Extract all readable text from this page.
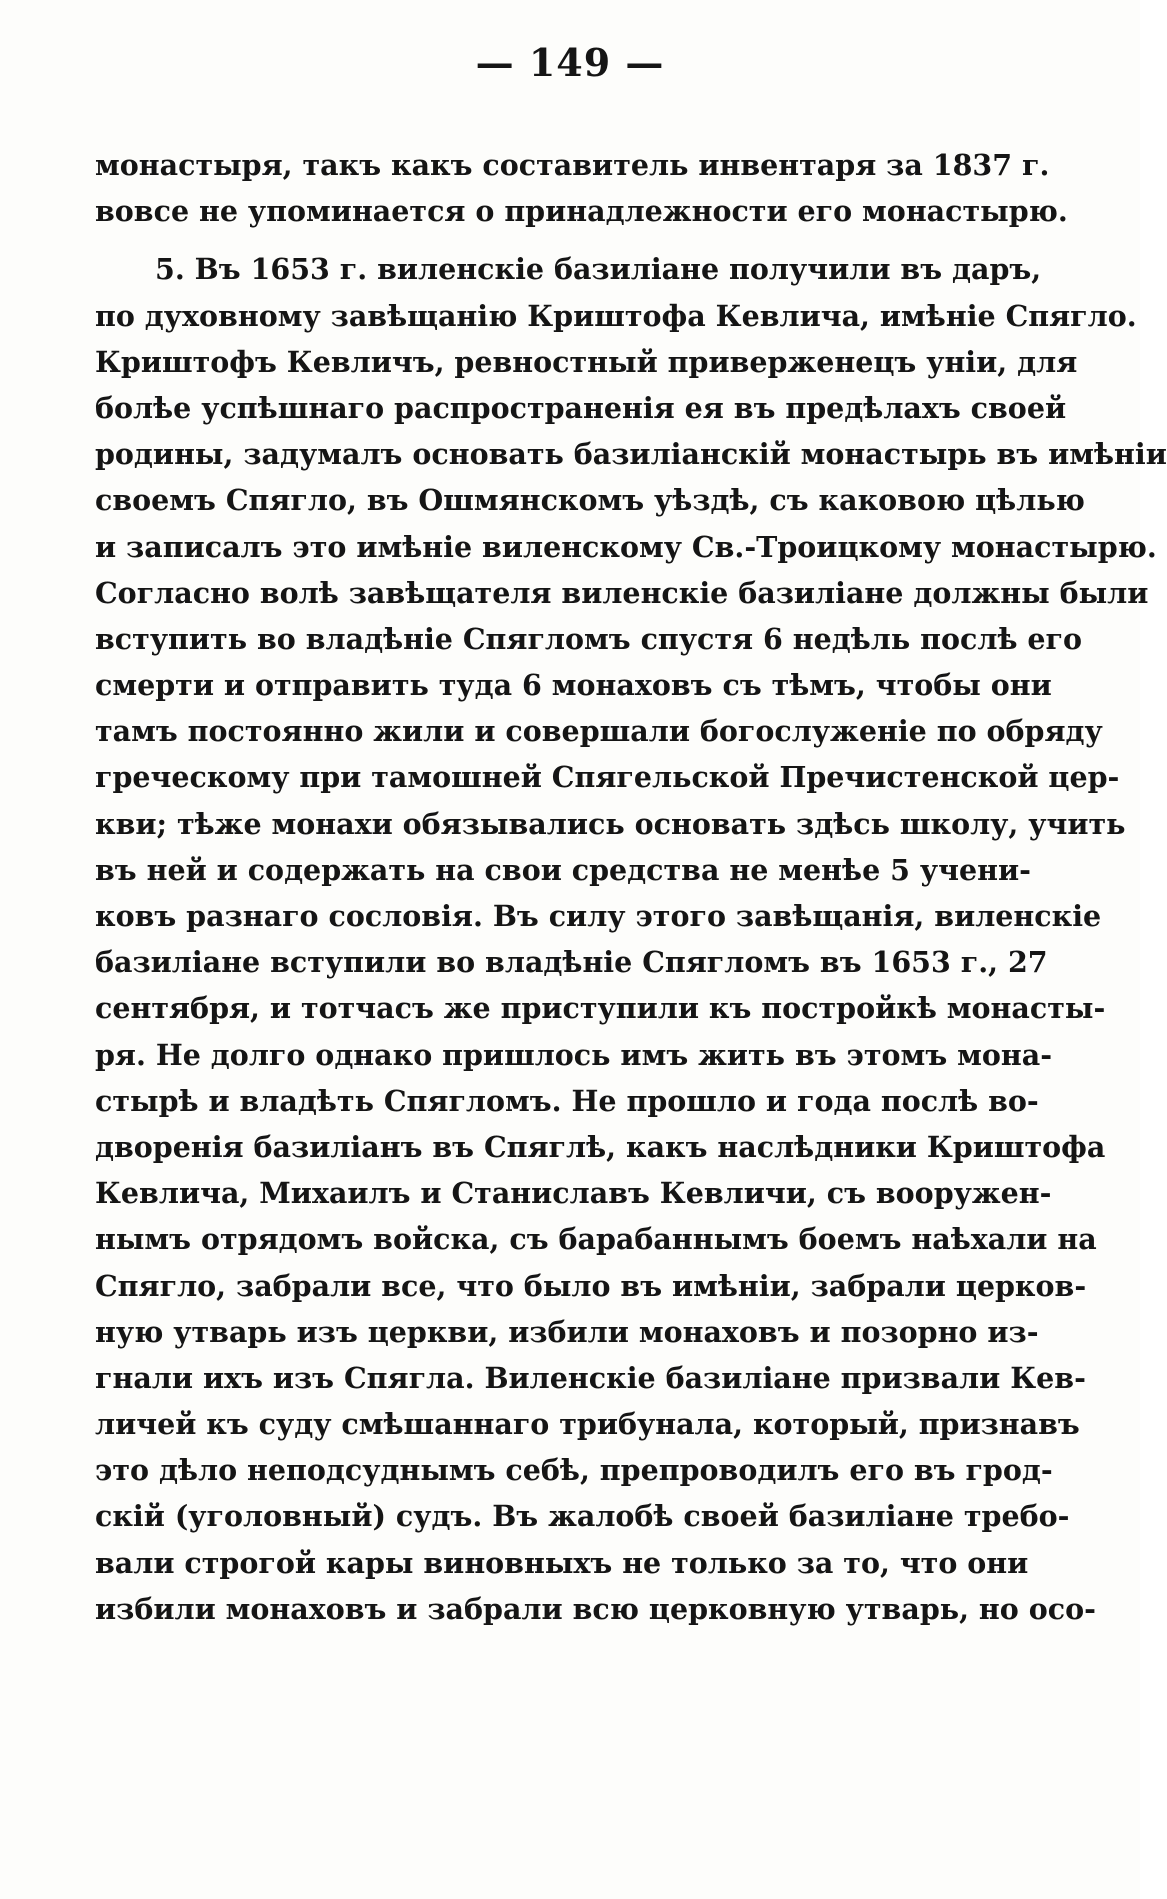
— 149 —
монастыря, такъ какъ составитель инвентаря за 1837 г.
вовсе не упоминается о принадлежности его монастырю.
5. Въ 1653 г. виленскіе базиліане получили въ даръ,
по духовному завѣщанію Криштофа Кевлича, имѣніе Спягло.
Криштофъ Кевличъ, ревностный приверженецъ уніи, для
болѣе успѣшнаго распространенія ея въ предѣлахъ своей
родины, задумалъ основать базиліанскій монастырь въ имѣніи
своемъ Спягло, въ Ошмянскомъ уѣздѣ, съ каковою цѣлью
и записалъ это имѣніе виленскому Св.-Троицкому монастырю.
Согласно волѣ завѣщателя виленскіе базиліане должны были
вступить во владѣніе Спягломъ спустя 6 недѣль послѣ его
смерти и отправить туда 6 монаховъ съ тѣмъ, чтобы они
тамъ постоянно жили и совершали богослуженіе по обряду
греческому при тамошней Спягельской Пречистенской цер-
кви; тѣже монахи обязывались основать здѣсь школу, учить
въ ней и содержать на свои средства не менѣе 5 учени-
ковъ разнаго сословія. Въ силу этого завѣщанія, виленскіе
базиліане вступили во владѣніе Спягломъ въ 1653 г., 27
сентября, и тотчасъ же приступили къ постройкѣ монасты-
ря. Не долго однако пришлось имъ жить въ этомъ мона-
стырѣ и владѣть Спягломъ. Не прошло и года послѣ во-
дворенія базиліанъ въ Спяглѣ, какъ наслѣдники Криштофа
Кевлича, Михаилъ и Станиславъ Кевличи, съ вооружен-
нымъ отрядомъ войска, съ барабаннымъ боемъ наѣхали на
Спягло, забрали все, что было въ имѣніи, забрали церков-
ную утварь изъ церкви, избили монаховъ и позорно из-
гнали ихъ изъ Спягла. Виленскіе базиліане призвали Кев-
личей къ суду смѣшаннаго трибунала, который, признавъ
это дѣло неподсуднымъ себѣ, препроводилъ его въ грод-
скій (уголовный) судъ. Въ жалобѣ своей базиліане требо-
вали строгой кары виновныхъ не только за то, что они
избили монаховъ и забрали всю церковную утварь, но осо-
